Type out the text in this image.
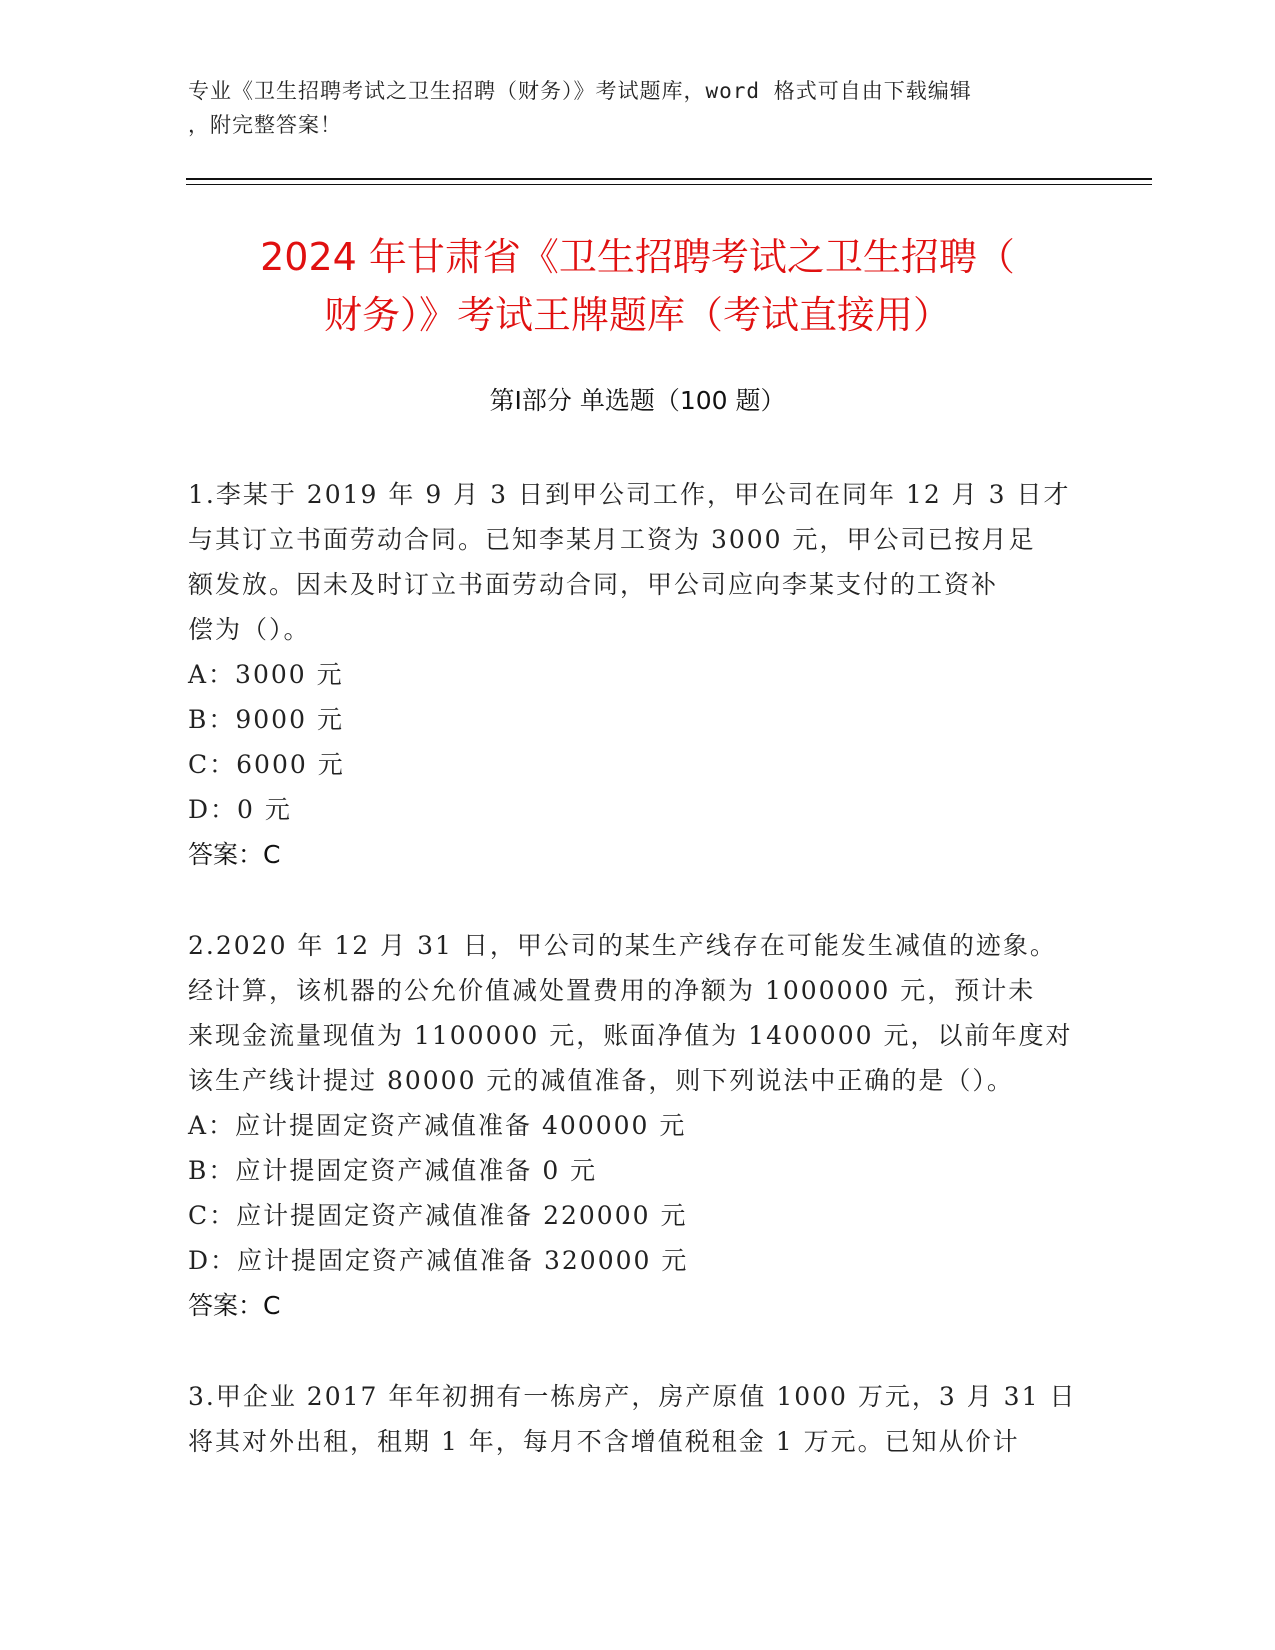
专业《卫生招聘考试之卫生招聘（财务）》考试题库，word 格式可自由下载编辑
，附完整答案！
2024 年甘肃省《卫生招聘考试之卫生招聘（
财务）》考试王牌题库（考试直接用）
第Ⅰ部分 单选题（100 题）

1.李某于 2019 年 9 月 3 日到甲公司工作，甲公司在同年 12 月 3 日才

与其订立书面劳动合同。已知李某月工资为 3000 元，甲公司已按月足

额发放。因未及时订立书面劳动合同，甲公司应向李某支付的工资补

偿为（）。

A：3000 元

B：9000 元

C：6000 元

D：0 元

答案：C

2.2020 年 12 月 31 日，甲公司的某生产线存在可能发生减值的迹象。

经计算，该机器的公允价值减处置费用的净额为 1000000 元，预计未

来现金流量现值为 1100000 元，账面净值为 1400000 元，以前年度对

该生产线计提过 80000 元的减值准备，则下列说法中正确的是（）。

A：应计提固定资产减值准备 400000 元

B：应计提固定资产减值准备 0 元

C：应计提固定资产减值准备 220000 元

D：应计提固定资产减值准备 320000 元

答案：C

3.甲企业 2017 年年初拥有一栋房产，房产原值 1000 万元，3 月 31 日

将其对外出租，租期 1 年，每月不含增值税租金 1 万元。已知从价计
